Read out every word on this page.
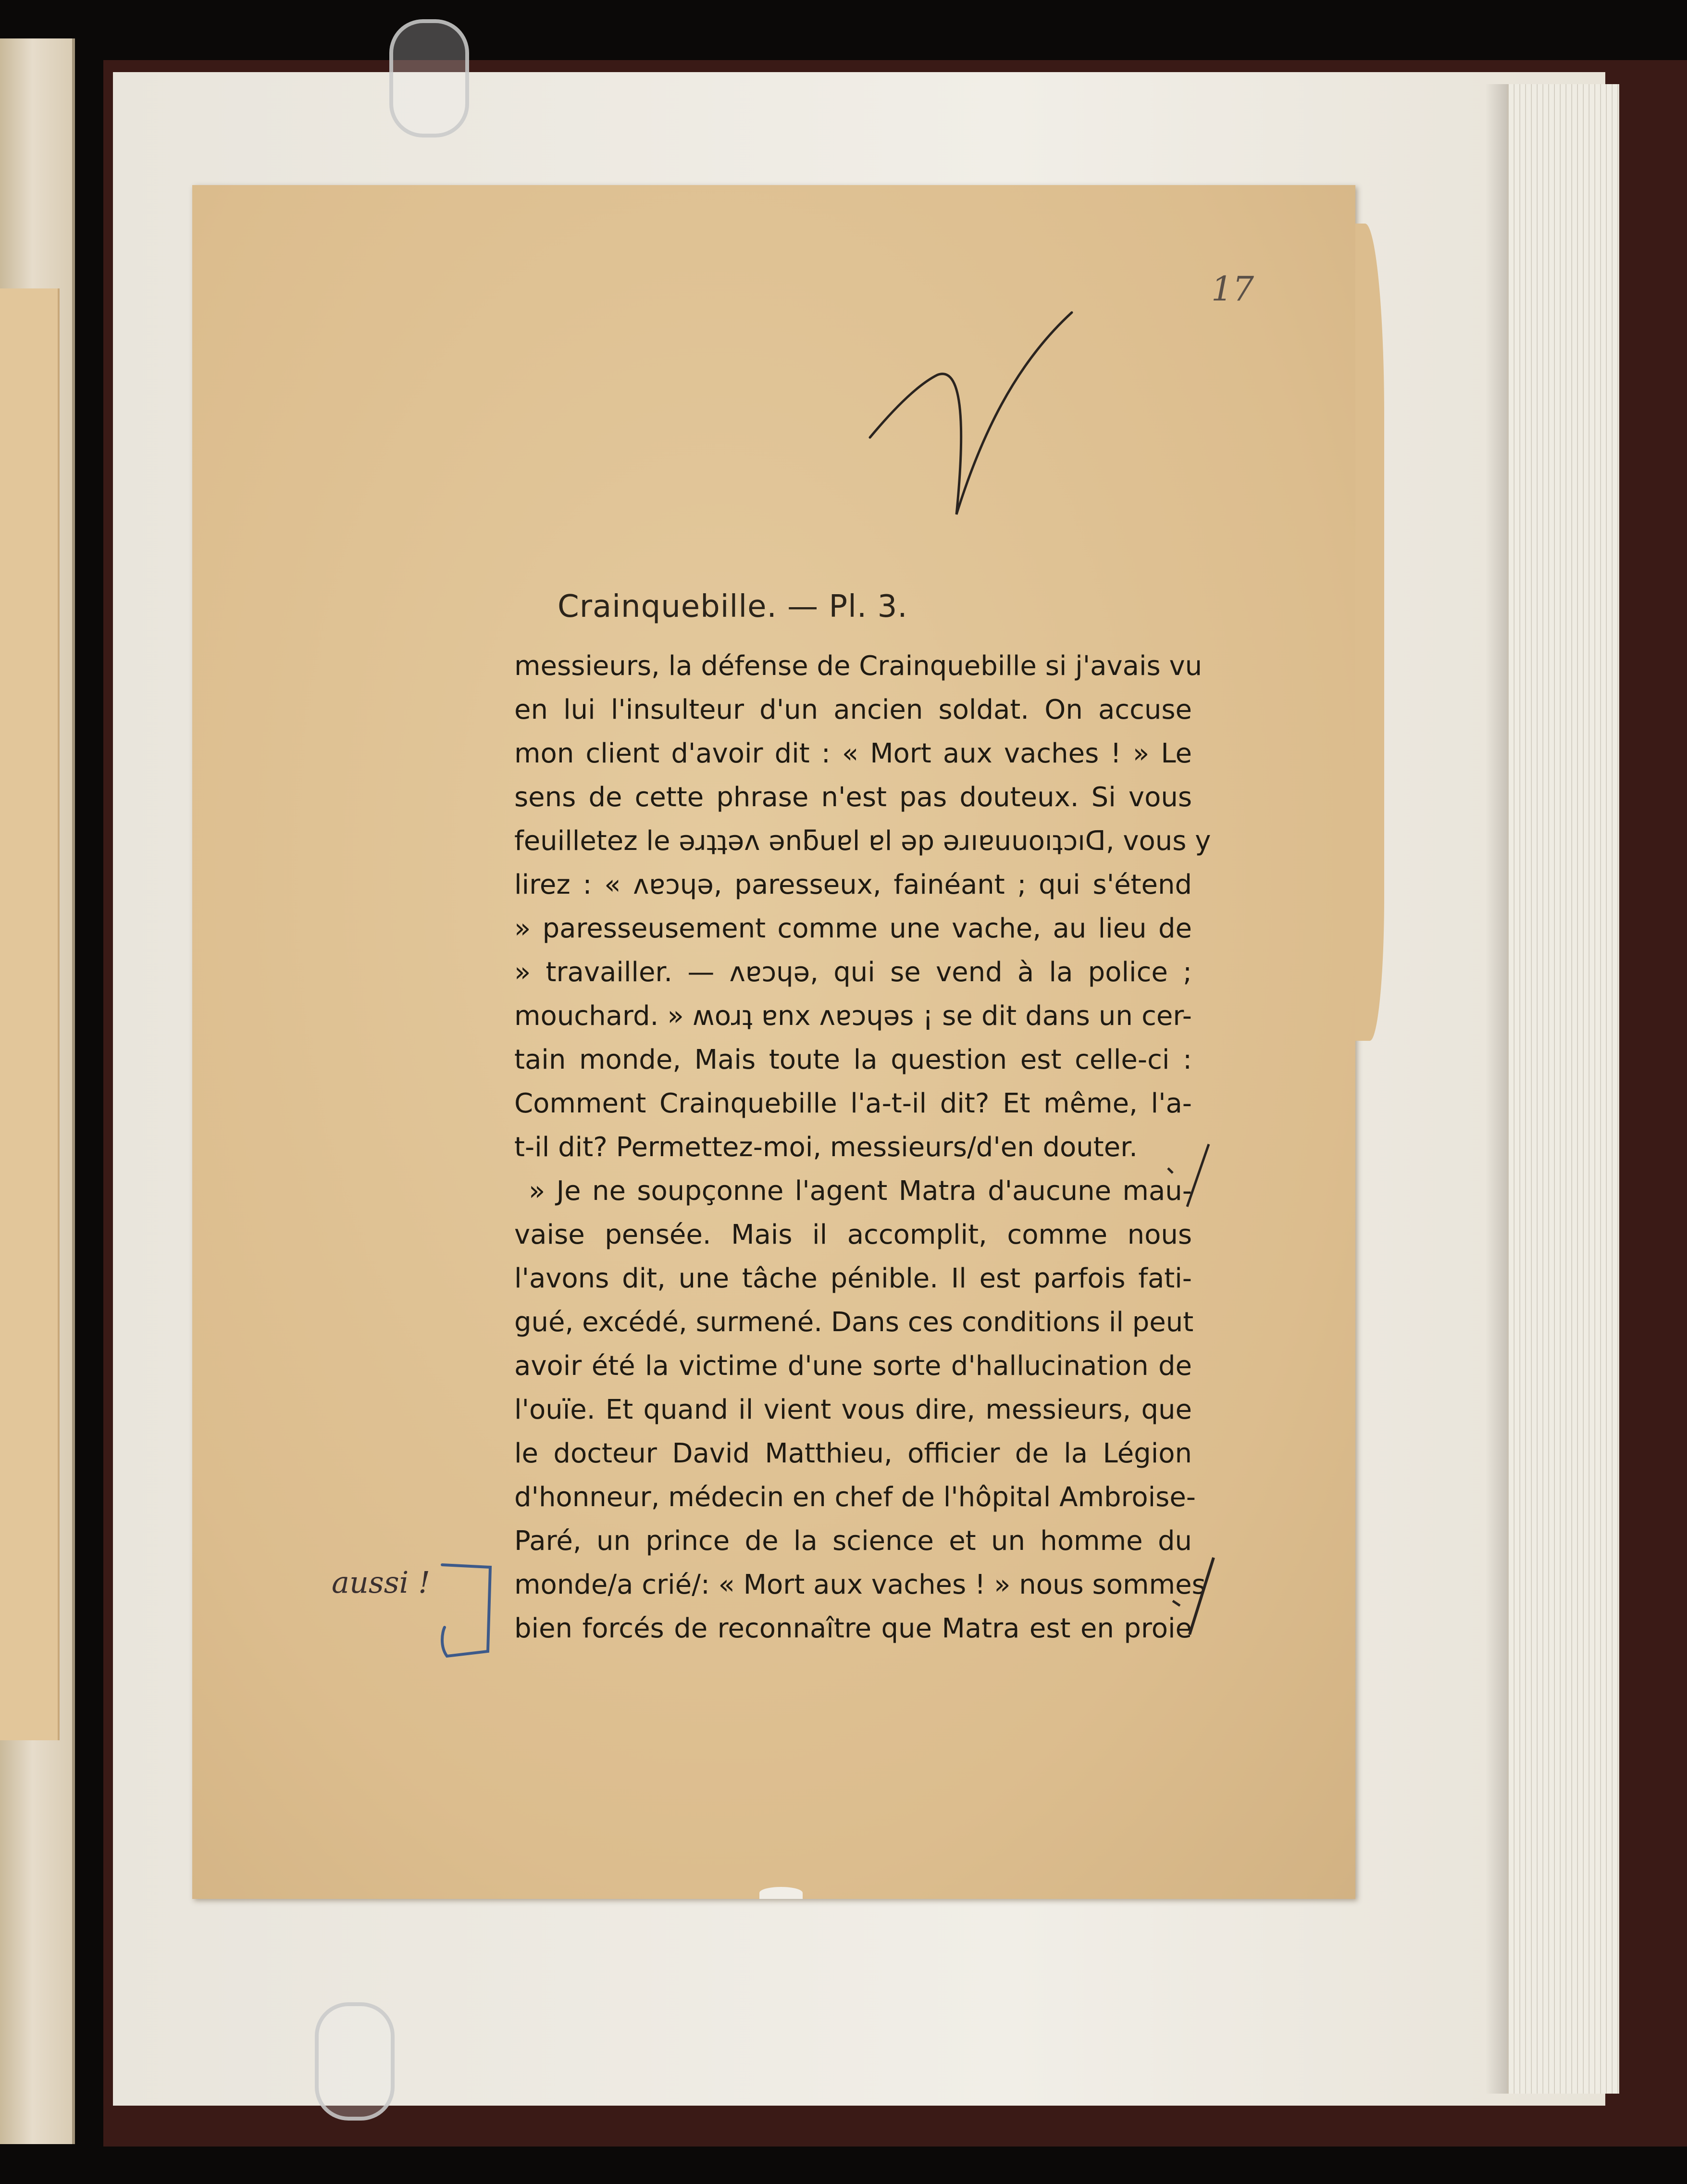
17
Crainquebille. — Pl. 3.
messieurs, la défense de Crainquebille si j'avais vu
en lui l'insulteur d'un ancien soldat. On accuse
mon client d'avoir dit : « Mort aux vaches ! » Le
sens de cette phrase n'est pas douteux. Si vous
feuilletez le ǝɹʇʇǝʌ ǝnƃuɐl ɐl ǝp ǝɹıɐuuoıʇɔıᗡ, vous y
lirez : « ʌɐɔɥǝ, paresseux, fainéant ; qui s'étend
» paresseusement comme une vache, au lieu de
» travailler. — ʌɐɔɥǝ, qui se vend à la police ;
mouchard. » ʍoɹʇ ɐnx ʌɐɔɥǝs ¡ se dit dans un cer-
tain monde, Mais toute la question est celle-ci :
Comment Crainquebille l'a-t-il dit? Et même, l'a-
t-il dit? Permettez-moi, messieurs/d'en douter.
» Je ne soupçonne l'agent Matra d'aucune mau-
vaise pensée. Mais il accomplit, comme nous
l'avons dit, une tâche pénible. Il est parfois fati-
gué, excédé, surmené. Dans ces conditions il peut
avoir été la victime d'une sorte d'hallucination de
l'ouïe. Et quand il vient vous dire, messieurs, que
le docteur David Matthieu, officier de la Légion
d'honneur, médecin en chef de l'hôpital Ambroise-
Paré, un prince de la science et un homme du
monde/a crié/: « Mort aux vaches ! » nous sommes
bien forcés de reconnaître que Matra est en proie
aussi !
